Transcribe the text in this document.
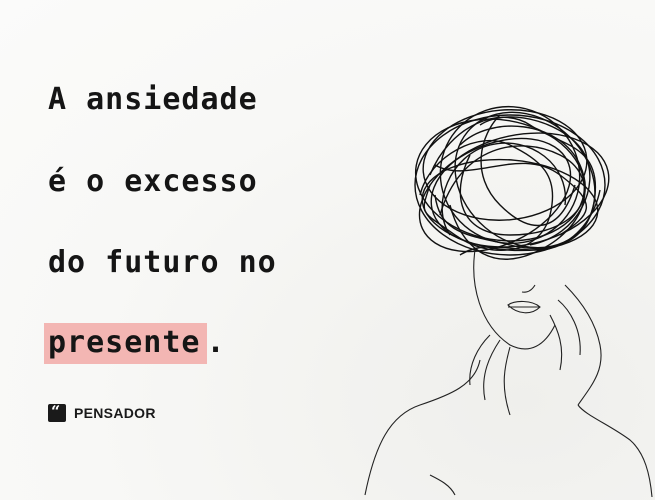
A ansiedade
é o excesso
do futuro no
presente .
“ PENSADOR
